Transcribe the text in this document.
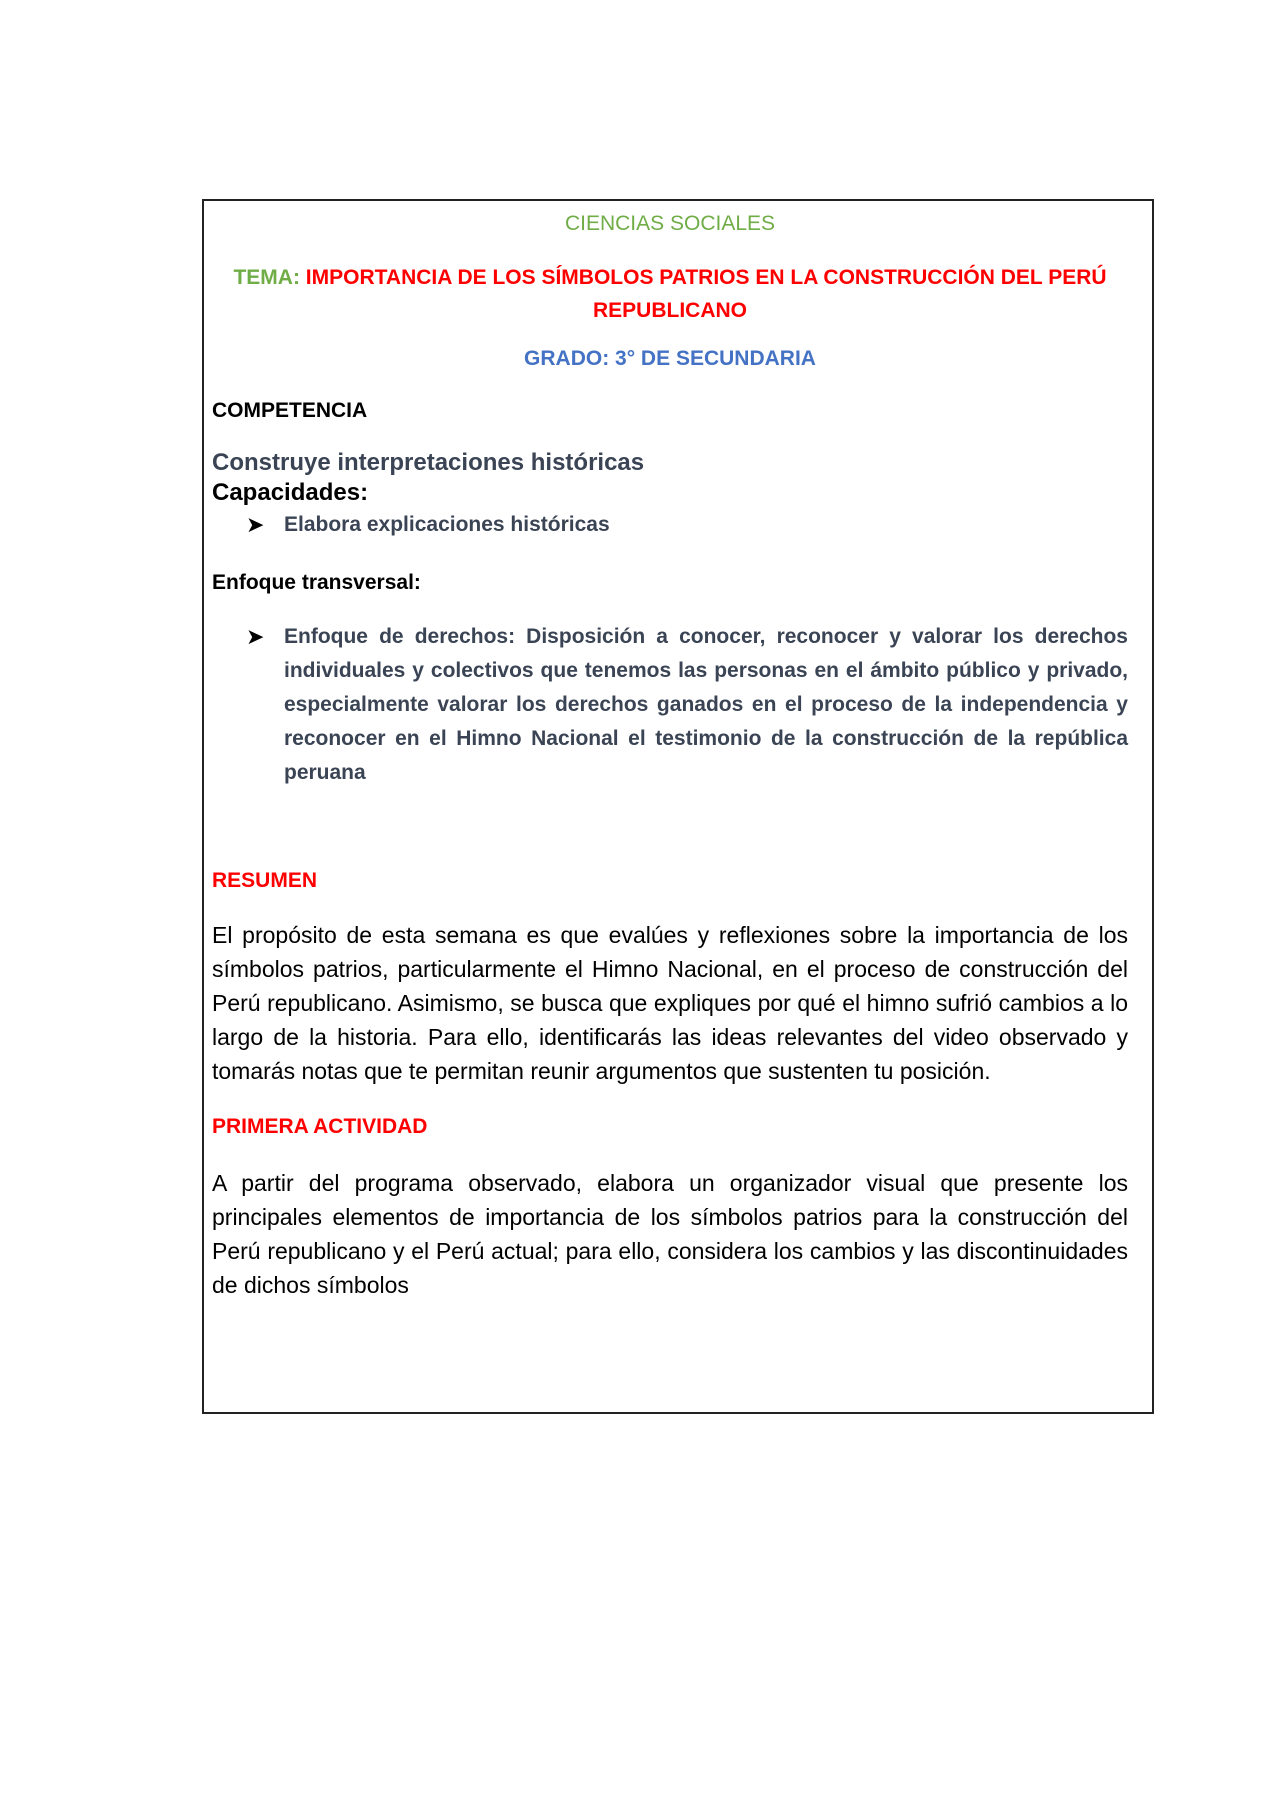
CIENCIAS SOCIALES

TEMA: IMPORTANCIA DE LOS SÍMBOLOS PATRIOS EN LA CONSTRUCCIÓN DEL PERÚ REPUBLICANO

GRADO: 3° DE SECUNDARIA

COMPETENCIA

Construye interpretaciones históricas

Capacidades:

➤ Elabora explicaciones históricas

Enfoque transversal:

➤ Enfoque de derechos: Disposición a conocer, reconocer y valorar los derechos individuales y colectivos que tenemos las personas en el ámbito público y privado, especialmente valorar los derechos ganados en el proceso de la independencia y reconocer en el Himno Nacional el testimonio de la construcción de la república peruana

RESUMEN

El propósito de esta semana es que evalúes y reflexiones sobre la importancia de los símbolos patrios, particularmente el Himno Nacional, en el proceso de construcción del Perú republicano. Asimismo, se busca que expliques por qué el himno sufrió cambios a lo largo de la historia. Para ello, identificarás las ideas relevantes del video observado y tomarás notas que te permitan reunir argumentos que sustenten tu posición.

PRIMERA ACTIVIDAD

A partir del programa observado, elabora un organizador visual que presente los principales elementos de importancia de los símbolos patrios para la construcción del Perú republicano y el Perú actual; para ello, considera los cambios y las discontinuidades de dichos símbolos
